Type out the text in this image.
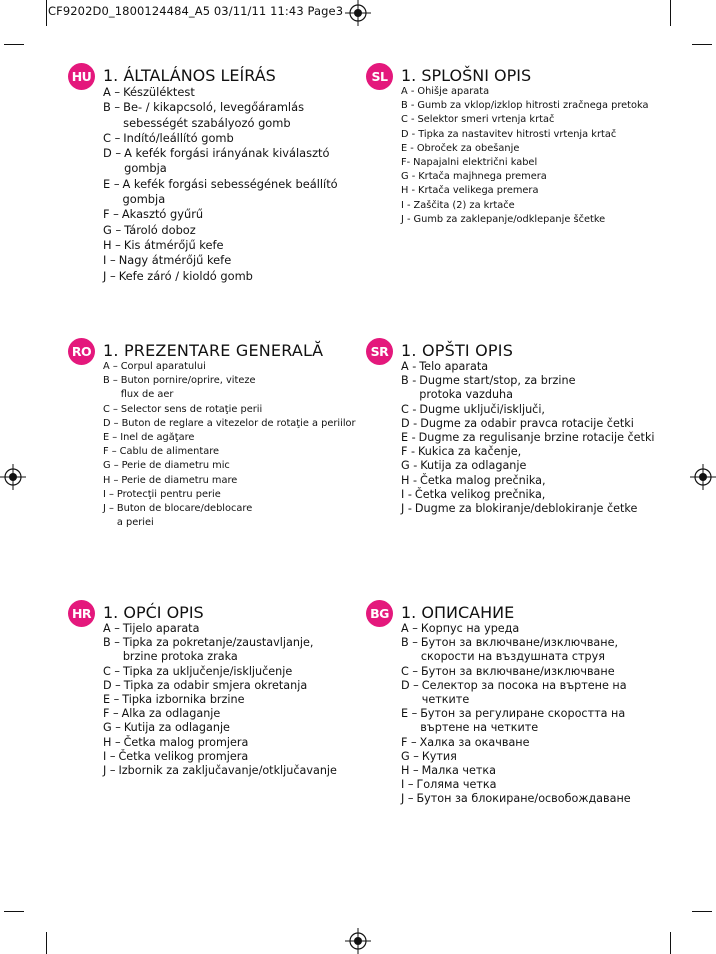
CF9202D0_1800124484_A5 03/11/11 11:43 Page3
HU 1. ÁLTALÁNOS LEÍRÁS
A – Készüléktest
B – Be- / kikapcsoló, levegőáramlás
sebességét szabályozó gomb
C – Indító/leállító gomb
D – A kefék forgási irányának kiválasztó
gombja
E – A kefék forgási sebességének beállító
gombja
F – Akasztó gyűrű
G – Tároló doboz
H – Kis átmérőjű kefe
I – Nagy átmérőjű kefe
J – Kefe záró / kioldó gomb
SL 1. SPLOŠNI OPIS
A - Ohišje aparata
B - Gumb za vklop/izklop hitrosti zračnega pretoka
C - Selektor smeri vrtenja krtač
D - Tipka za nastavitev hitrosti vrtenja krtač
E - Obroček za obešanje
F- Napajalni električni kabel
G - Krtača majhnega premera
H - Krtača velikega premera
I - Zaščita (2) za krtače
J - Gumb za zaklepanje/odklepanje ščetke
RO 1. PREZENTARE GENERALĂ
A – Corpul aparatului
B – Buton pornire/oprire, viteze
flux de aer
C – Selector sens de rotaţie perii
D – Buton de reglare a vitezelor de rotaţie a periilor
E – Inel de agăţare
F – Cablu de alimentare
G – Perie de diametru mic
H – Perie de diametru mare
I – Protecţii pentru perie
J – Buton de blocare/deblocare
a periei
SR 1. OPŠTI OPIS
A - Telo aparata
B - Dugme start/stop, za brzine
protoka vazduha
C - Dugme uključi/isključi,
D - Dugme za odabir pravca rotacije četki
E - Dugme za regulisanje brzine rotacije četki
F - Kukica za kačenje,
G - Kutija za odlaganje
H - Četka malog prečnika,
I - Četka velikog prečnika,
J - Dugme za blokiranje/deblokiranje četke
HR 1. OPĆI OPIS
A – Tijelo aparata
B – Tipka za pokretanje/zaustavljanje,
brzine protoka zraka
C – Tipka za uključenje/isključenje
D – Tipka za odabir smjera okretanja
E – Tipka izbornika brzine
F – Alka za odlaganje
G – Kutija za odlaganje
H – Četka malog promjera
I – Četka velikog promjera
J – Izbornik za zaključavanje/otključavanje
BG 1. ОПИСАНИЕ
A – Корпус на уреда
B – Бутон за включване/изключване,
скорости на въздушната струя
C – Бутон за включване/изключване
D – Селектор за посока на въртене на
четките
E – Бутон за регулиране скоростта на
въртене на четките
F – Халка за окачване
G – Кутия
H – Малка четка
I – Голяма четка
J – Бутон за блокиране/освобождаване
